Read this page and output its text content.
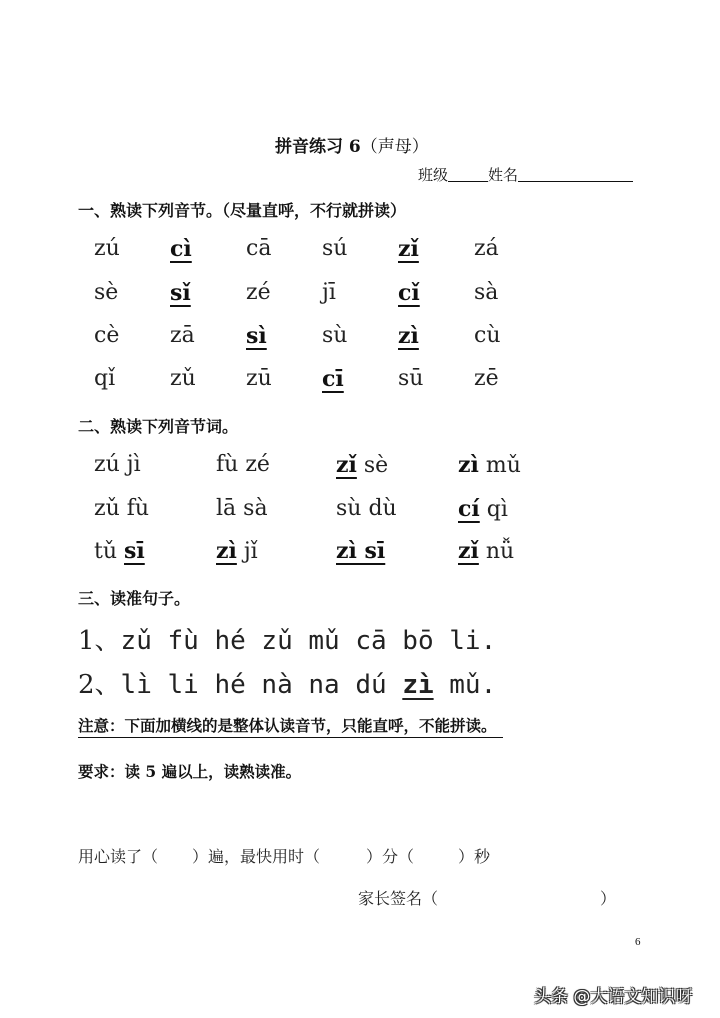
拼音练习 6（声母）
班级	姓名
一、熟读下列音节。（尽量直呼，不行就拼读）
zú cì cā sú zǐ	zá
sè sǐ	zé jī	cǐ sà
cè zā sì	sù zì	cù
qǐ zǔ zū cī sū zē
二、熟读下列音节词。
zú jì	fù zé	zǐ sè	zì mǔ
zǔ fù	lā sà	sù dù	cí qì
tǔ sī	zì jǐ	zì sī	zǐ nǚ
三、读准句子。
1、zǔ fù hé zǔ mǔ cā bō li.
2、lì li hé nà na dú zì mǔ.
注意：下面加横线的是整体认读音节，只能直呼，不能拼读。
要求：读 5 遍以上，读熟读准。
用心读了（ ）遍，最快用时（	）分（	）秒
家长签名（	）
6
头条 @大语文知识呀
